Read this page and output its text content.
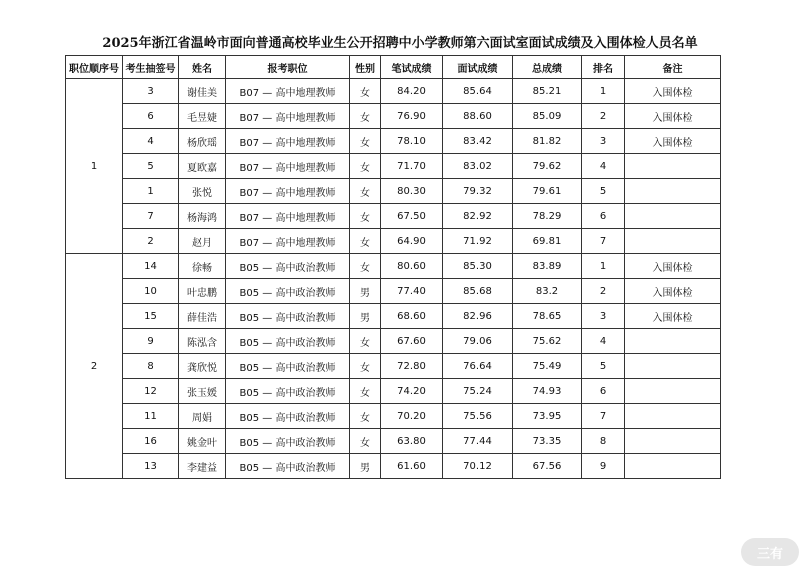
2025年浙江省温岭市面向普通高校毕业生公开招聘中小学教师第六面试室面试成绩及入围体检人员名单
职位顺序号	考生抽签号	姓名	报考职位	性别	笔试成绩	面试成绩	总成绩	排名	备注
1	3	谢佳美	B07 — 高中地理教师	女	84.20	85.64	85.21	1	入围体检
	6	毛昱婕	B07 — 高中地理教师	女	76.90	88.60	85.09	2	入围体检
	4	杨欣瑶	B07 — 高中地理教师	女	78.10	83.42	81.82	3	入围体检
	5	夏欧嘉	B07 — 高中地理教师	女	71.70	83.02	79.62	4	
	1	张悦	B07 — 高中地理教师	女	80.30	79.32	79.61	5	
	7	杨海鸿	B07 — 高中地理教师	女	67.50	82.92	78.29	6	
	2	赵月	B07 — 高中地理教师	女	64.90	71.92	69.81	7	
2	14	徐畅	B05 — 高中政治教师	女	80.60	85.30	83.89	1	入围体检
	10	叶忠鹏	B05 — 高中政治教师	男	77.40	85.68	83.2	2	入围体检
	15	薛佳浩	B05 — 高中政治教师	男	68.60	82.96	78.65	3	入围体检
	9	陈泓含	B05 — 高中政治教师	女	67.60	79.06	75.62	4	
	8	龚欣悦	B05 — 高中政治教师	女	72.80	76.64	75.49	5	
	12	张玉媛	B05 — 高中政治教师	女	74.20	75.24	74.93	6	
	11	周娟	B05 — 高中政治教师	女	70.20	75.56	73.95	7	
	16	姚金叶	B05 — 高中政治教师	女	63.80	77.44	73.35	8	
	13	李建益	B05 — 高中政治教师	男	61.60	70.12	67.56	9	
三有
